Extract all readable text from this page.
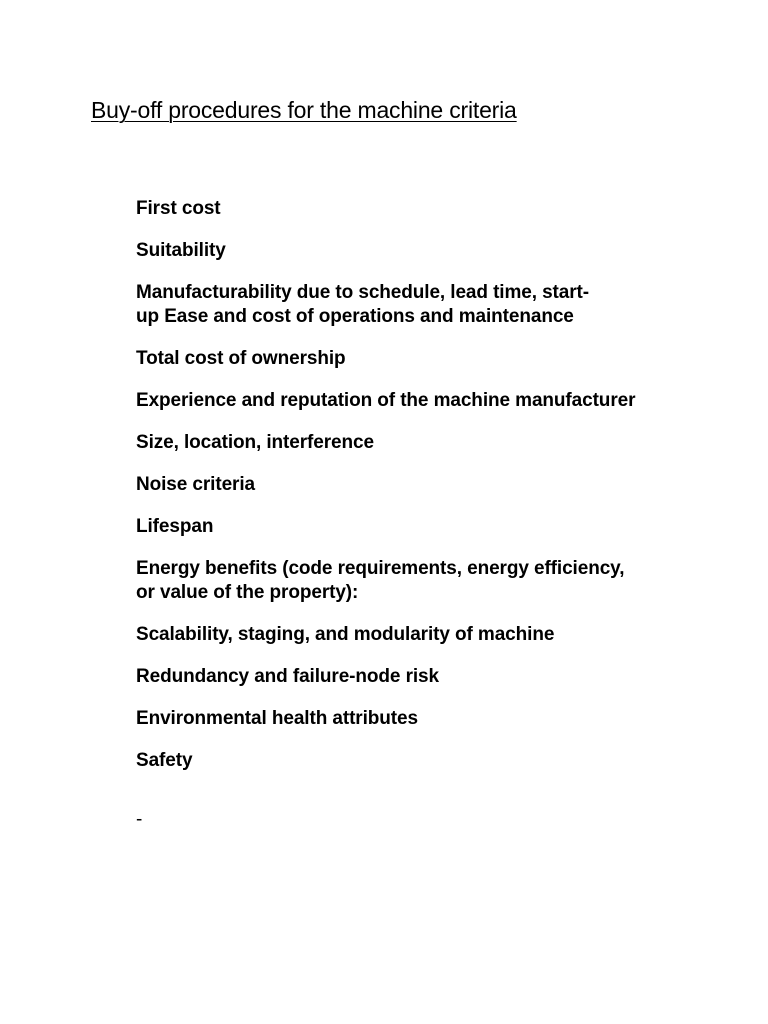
Buy-off procedures for the machine criteria
First cost
Suitability
Manufacturability due to schedule, lead time, start-
up Ease and cost of operations and maintenance
Total cost of ownership
Experience and reputation of the machine manufacturer
Size, location, interference
Noise criteria
Lifespan
Energy benefits (code requirements, energy efficiency,
or value of the property):
Scalability, staging, and modularity of machine
Redundancy and failure-node risk
Environmental health attributes
Safety

-
